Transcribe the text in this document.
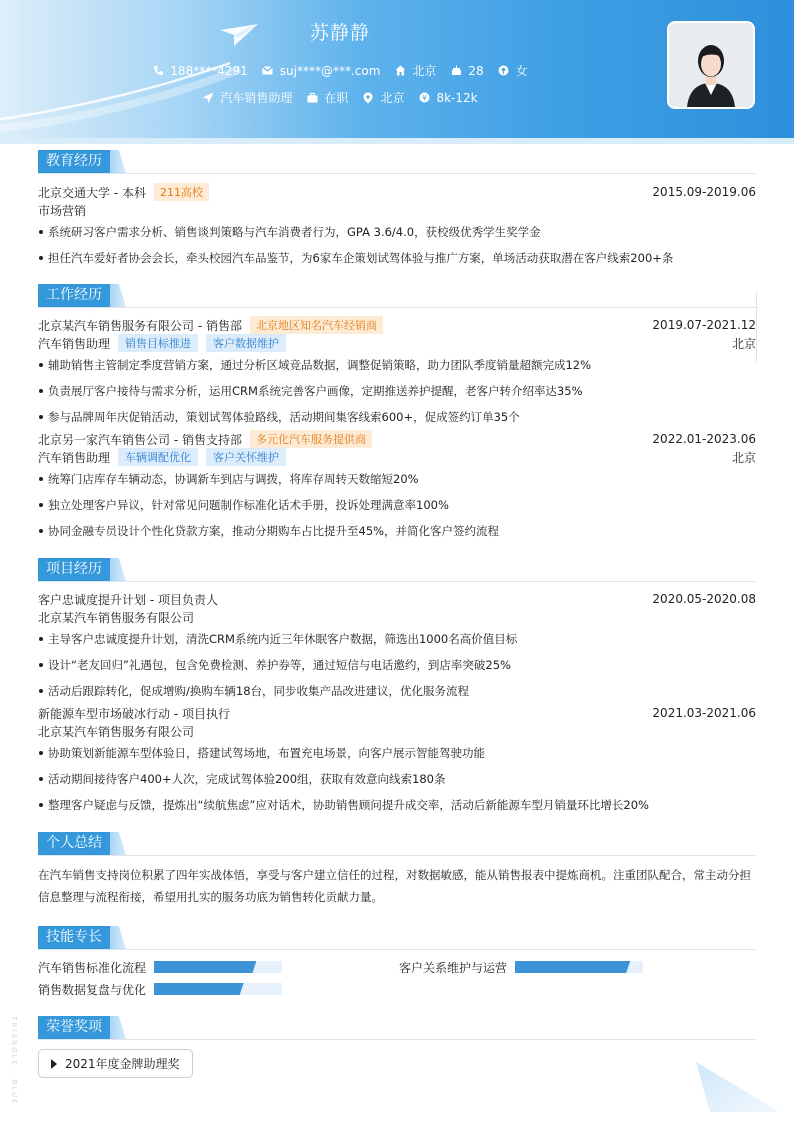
苏静静
188****4291	suj****@***.com	北京	28	女
汽车销售助理	在职	北京 ¥ 8k-12k
教育经历
北京交通大学 - 本科	211高校	2015.09-2019.06
市场营销
系统研习客户需求分析、销售谈判策略与汽车消费者行为，GPA 3.6/4.0，获校级优秀学生奖学金
担任汽车爱好者协会会长，牵头校园汽车品鉴节，为6家车企策划试驾体验与推广方案，单场活动获取潜在客户线索200+条
工作经历
北京某汽车销售服务有限公司 - 销售部	北京地区知名汽车经销商	2019.07-2021.12
汽车销售助理	销售目标推进	客户数据维护	北京
辅助销售主管制定季度营销方案，通过分析区域竞品数据，调整促销策略，助力团队季度销量超额完成12%
负责展厅客户接待与需求分析，运用CRM系统完善客户画像，定期推送养护提醒，老客户转介绍率达35%
参与品牌周年庆促销活动，策划试驾体验路线，活动期间集客线索600+，促成签约订单35个
北京另一家汽车销售公司 - 销售支持部	多元化汽车服务提供商	2022.01-2023.06
汽车销售助理	车辆调配优化	客户关怀维护	北京
统筹门店库存车辆动态，协调新车到店与调拨，将库存周转天数缩短20%
独立处理客户异议，针对常见问题制作标准化话术手册，投诉处理满意率100%
协同金融专员设计个性化贷款方案，推动分期购车占比提升至45%，并简化客户签约流程
项目经历
客户忠诚度提升计划 - 项目负责人	2020.05-2020.08
北京某汽车销售服务有限公司
主导客户忠诚度提升计划，清洗CRM系统内近三年休眠客户数据，筛选出1000名高价值目标
设计“老友回归”礼遇包，包含免费检测、养护券等，通过短信与电话邀约，到店率突破25%
活动后跟踪转化，促成增购/换购车辆18台，同步收集产品改进建议，优化服务流程
新能源车型市场破冰行动 - 项目执行	2021.03-2021.06
北京某汽车销售服务有限公司
协助策划新能源车型体验日，搭建试驾场地，布置充电场景，向客户展示智能驾驶功能
活动期间接待客户400+人次，完成试驾体验200组，获取有效意向线索180条
整理客户疑虑与反馈，提炼出“续航焦虑”应对话术，协助销售顾问提升成交率，活动后新能源车型月销量环比增长20%
个人总结

在汽车销售支持岗位积累了四年实战体悟，享受与客户建立信任的过程，对数据敏感，能从销售报表中提炼商机。注重团队配合，常主动分担信息整理与流程衔接，希望用扎实的服务功底为销售转化贡献力量。

技能专长
汽车销售标准化流程	客户关系维护与运营
销售数据复盘与优化
荣誉奖项
2021年度金牌助理奖
TRIANGLE · BLUE
